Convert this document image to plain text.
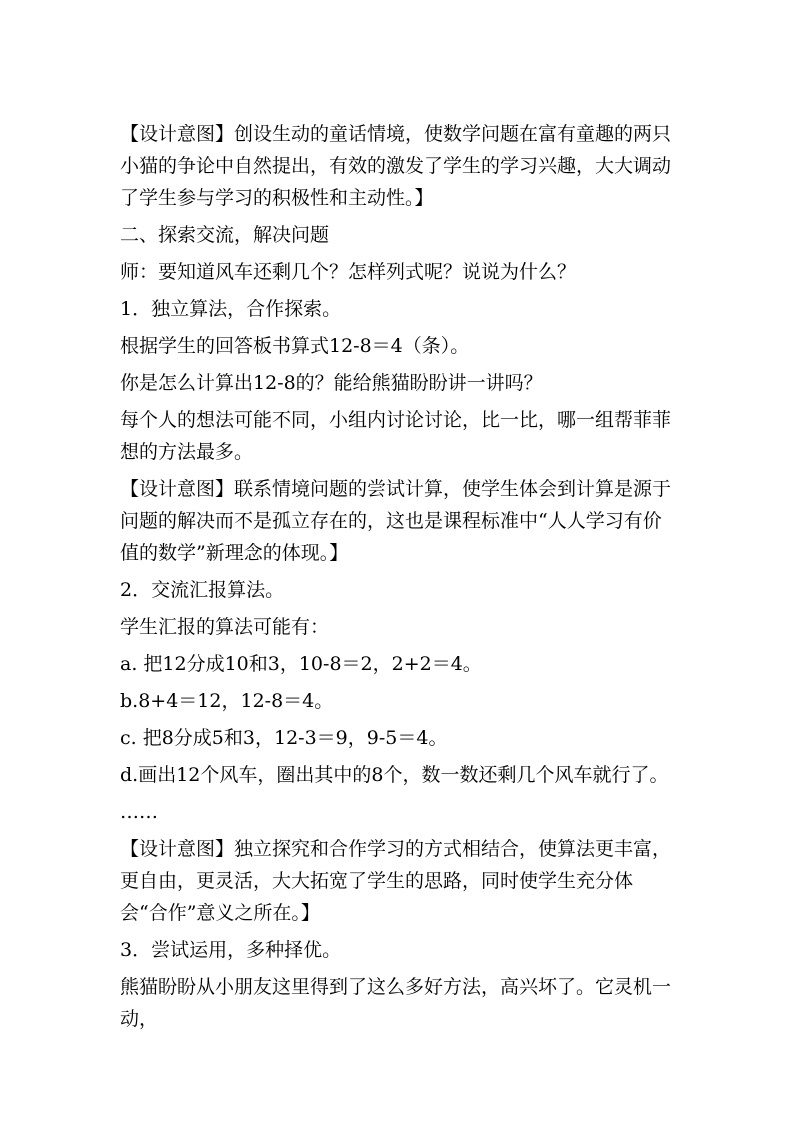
【设计意图】创设生动的童话情境，使数学问题在富有童趣的两只小猫的争论中自然提出，有效的激发了学生的学习兴趣，大大调动了学生参与学习的积极性和主动性。】

二、探索交流，解决问题

师：要知道风车还剩几个？怎样列式呢？说说为什么？

1．独立算法，合作探索。

根据学生的回答板书算式12-8＝4（条）。

你是怎么计算出12-8的？能给熊猫盼盼讲一讲吗？

每个人的想法可能不同，小组内讨论讨论，比一比，哪一组帮菲菲想的方法最多。

【设计意图】联系情境问题的尝试计算，使学生体会到计算是源于问题的解决而不是孤立存在的，这也是课程标准中“人人学习有价值的数学”新理念的体现。】

2．交流汇报算法。

学生汇报的算法可能有：

a. 把12分成10和3，10-8＝2，2+2＝4。

b.8+4＝12，12-8＝4。

c. 把8分成5和3，12-3＝9，9-5＝4。

d.画出12个风车，圈出其中的8个，数一数还剩几个风车就行了。

……

【设计意图】独立探究和合作学习的方式相结合，使算法更丰富，更自由，更灵活，大大拓宽了学生的思路，同时使学生充分体会“合作”意义之所在。】

3．尝试运用，多种择优。

熊猫盼盼从小朋友这里得到了这么多好方法，高兴坏了。它灵机一动，
